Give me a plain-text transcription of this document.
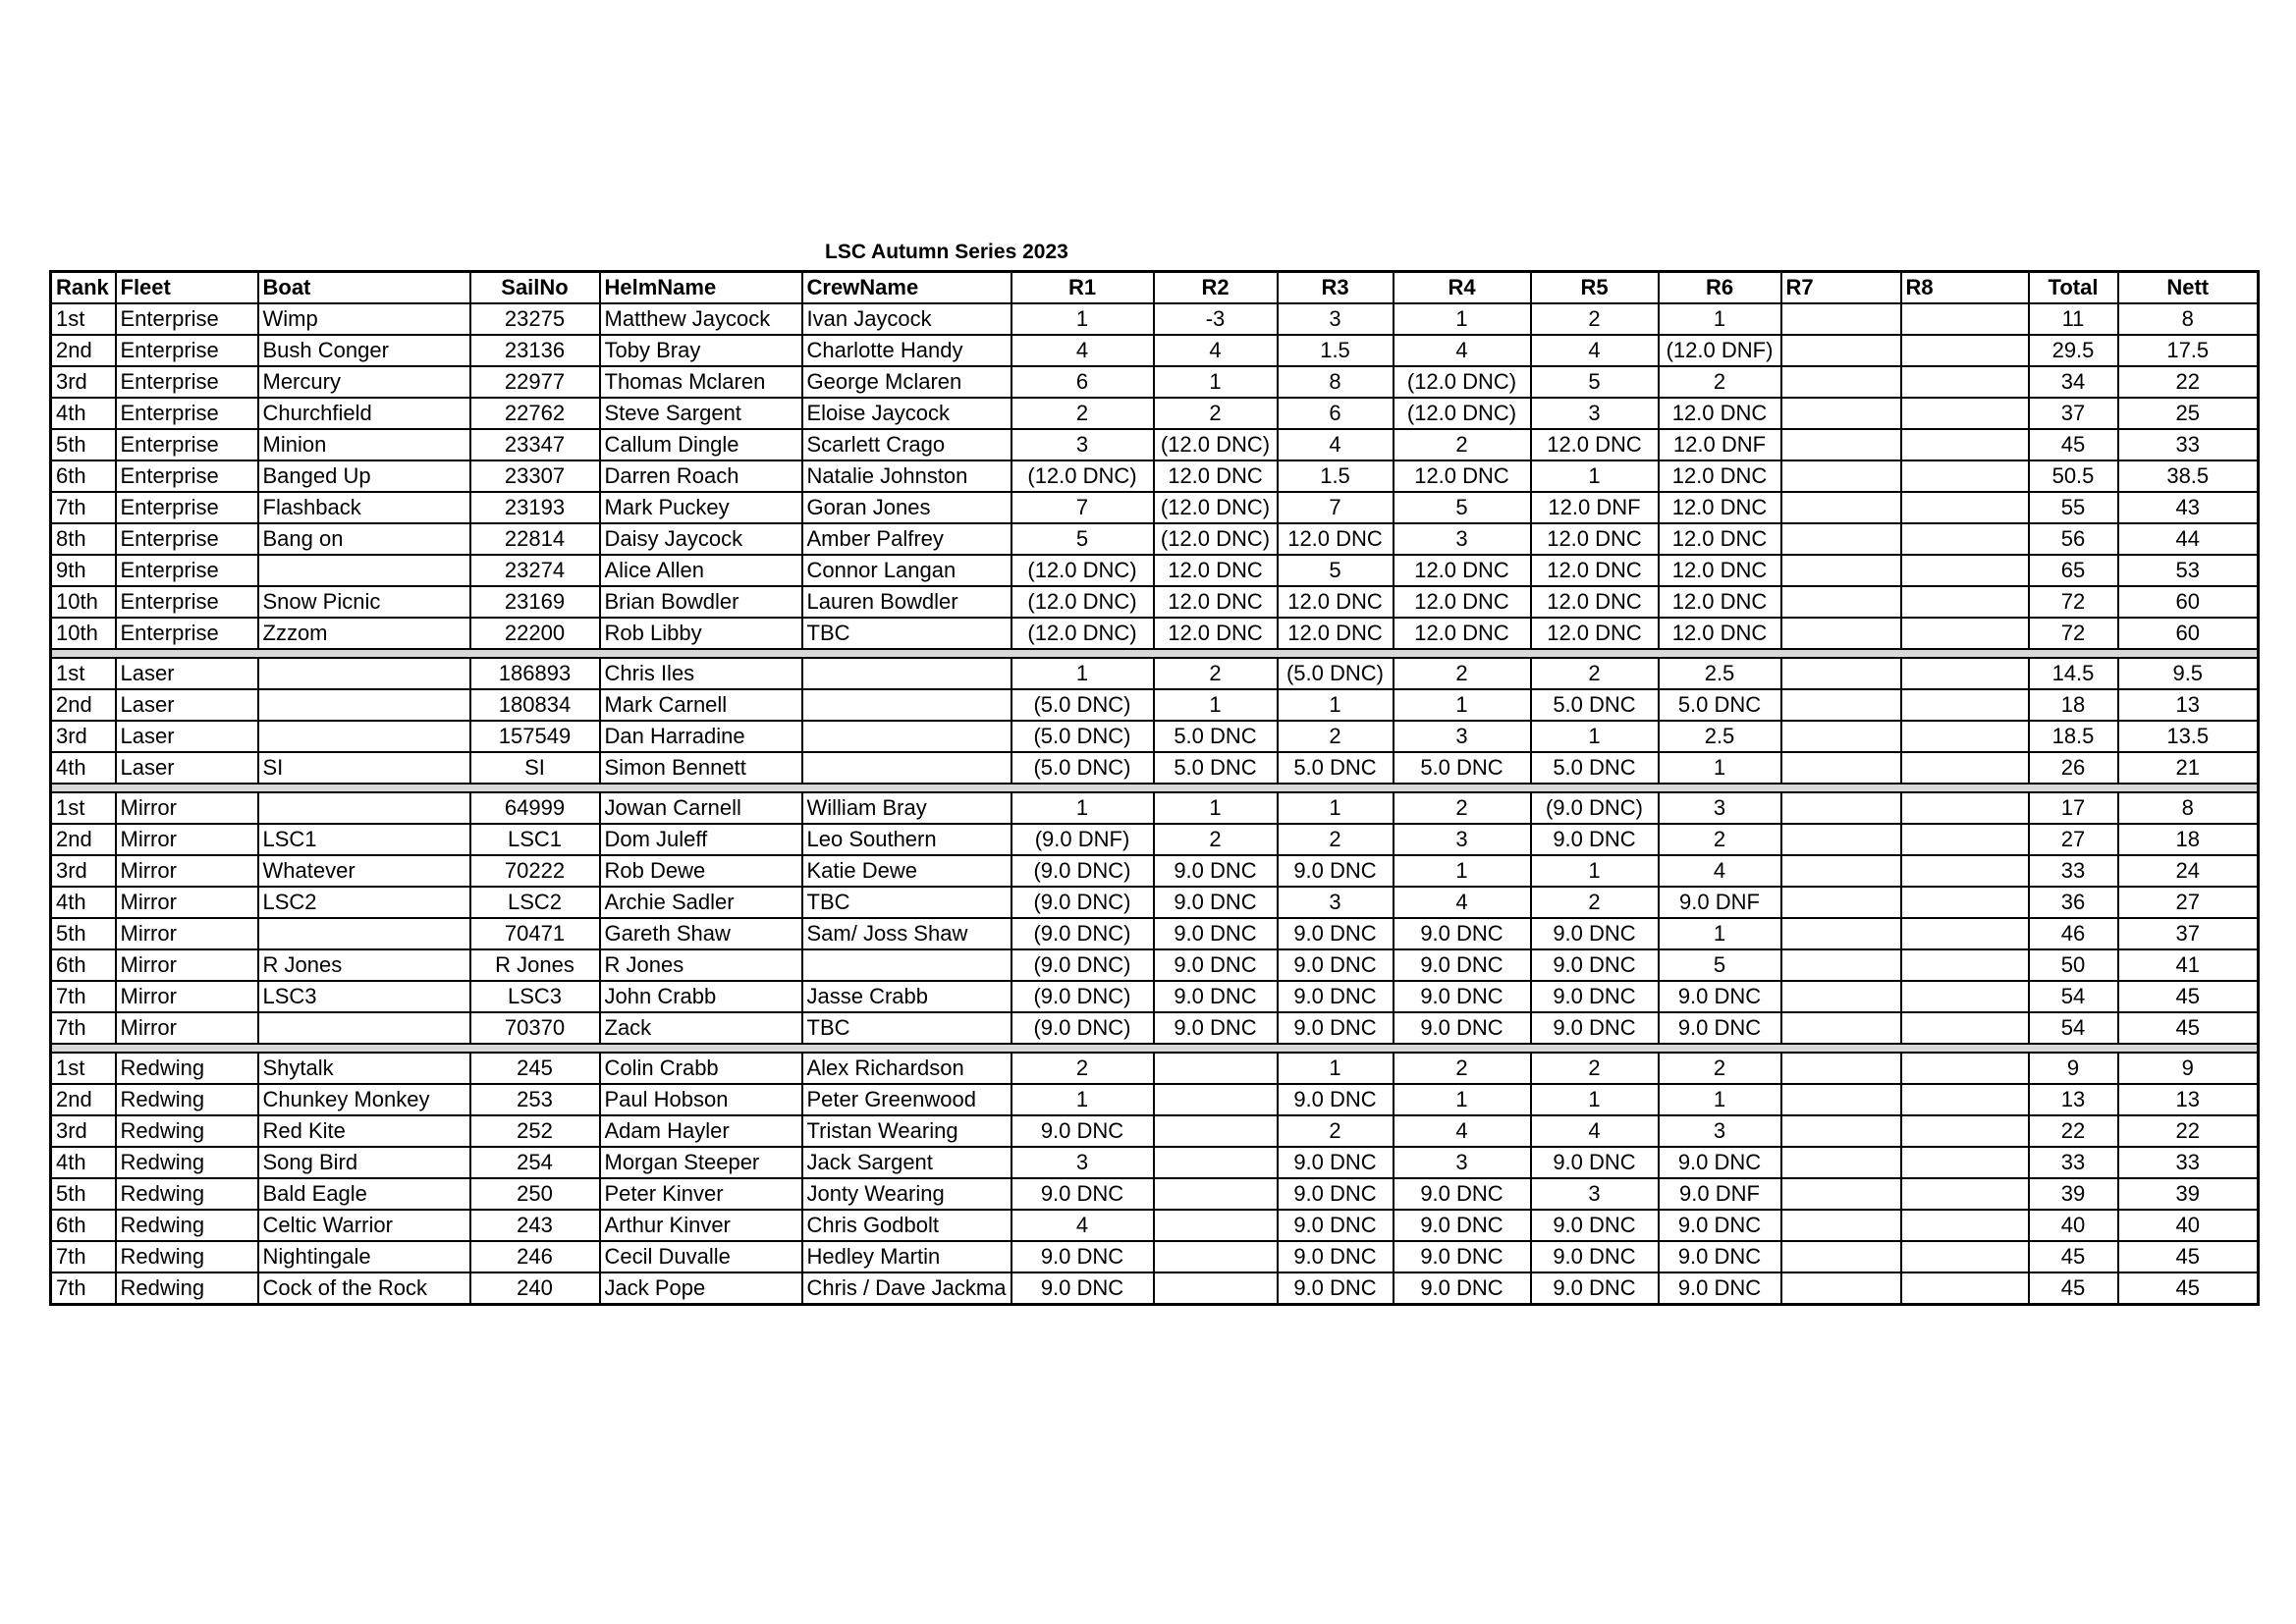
LSC Autumn Series 2023
Rank	Fleet	Boat	SailNo	HelmName	CrewName	R1	R2	R3	R4	R5	R6	R7	R8	Total	Nett
1st	Enterprise	Wimp	23275	Matthew Jaycock	Ivan Jaycock	1	-3	3	1	2	1			11	8
2nd	Enterprise	Bush Conger	23136	Toby Bray	Charlotte Handy	4	4	1.5	4	4	(12.0 DNF)			29.5	17.5
3rd	Enterprise	Mercury	22977	Thomas Mclaren	George Mclaren	6	1	8	(12.0 DNC)	5	2			34	22
4th	Enterprise	Churchfield	22762	Steve Sargent	Eloise Jaycock	2	2	6	(12.0 DNC)	3	12.0 DNC			37	25
5th	Enterprise	Minion	23347	Callum Dingle	Scarlett Crago	3	(12.0 DNC)	4	2	12.0 DNC	12.0 DNF			45	33
6th	Enterprise	Banged Up	23307	Darren Roach	Natalie Johnston	(12.0 DNC)	12.0 DNC	1.5	12.0 DNC	1	12.0 DNC			50.5	38.5
7th	Enterprise	Flashback	23193	Mark Puckey	Goran Jones	7	(12.0 DNC)	7	5	12.0 DNF	12.0 DNC			55	43
8th	Enterprise	Bang on	22814	Daisy Jaycock	Amber Palfrey	5	(12.0 DNC)	12.0 DNC	3	12.0 DNC	12.0 DNC			56	44
9th	Enterprise		23274	Alice Allen	Connor Langan	(12.0 DNC)	12.0 DNC	5	12.0 DNC	12.0 DNC	12.0 DNC			65	53
10th	Enterprise	Snow Picnic	23169	Brian Bowdler	Lauren Bowdler	(12.0 DNC)	12.0 DNC	12.0 DNC	12.0 DNC	12.0 DNC	12.0 DNC			72	60
10th	Enterprise	Zzzom	22200	Rob Libby	TBC	(12.0 DNC)	12.0 DNC	12.0 DNC	12.0 DNC	12.0 DNC	12.0 DNC			72	60

1st	Laser		186893	Chris Iles		1	2	(5.0 DNC)	2	2	2.5			14.5	9.5
2nd	Laser		180834	Mark Carnell		(5.0 DNC)	1	1	1	5.0 DNC	5.0 DNC			18	13
3rd	Laser		157549	Dan Harradine		(5.0 DNC)	5.0 DNC	2	3	1	2.5			18.5	13.5
4th	Laser	SI	SI	Simon Bennett		(5.0 DNC)	5.0 DNC	5.0 DNC	5.0 DNC	5.0 DNC	1			26	21

1st	Mirror		64999	Jowan Carnell	William Bray	1	1	1	2	(9.0 DNC)	3			17	8
2nd	Mirror	LSC1	LSC1	Dom Juleff	Leo Southern	(9.0 DNF)	2	2	3	9.0 DNC	2			27	18
3rd	Mirror	Whatever	70222	Rob Dewe	Katie Dewe	(9.0 DNC)	9.0 DNC	9.0 DNC	1	1	4			33	24
4th	Mirror	LSC2	LSC2	Archie Sadler	TBC	(9.0 DNC)	9.0 DNC	3	4	2	9.0 DNF			36	27
5th	Mirror		70471	Gareth Shaw	Sam/ Joss Shaw	(9.0 DNC)	9.0 DNC	9.0 DNC	9.0 DNC	9.0 DNC	1			46	37
6th	Mirror	R Jones	R Jones	R Jones		(9.0 DNC)	9.0 DNC	9.0 DNC	9.0 DNC	9.0 DNC	5			50	41
7th	Mirror	LSC3	LSC3	John Crabb	Jasse Crabb	(9.0 DNC)	9.0 DNC	9.0 DNC	9.0 DNC	9.0 DNC	9.0 DNC			54	45
7th	Mirror		70370	Zack	TBC	(9.0 DNC)	9.0 DNC	9.0 DNC	9.0 DNC	9.0 DNC	9.0 DNC			54	45

1st	Redwing	Shytalk	245	Colin Crabb	Alex Richardson	2		1	2	2	2			9	9
2nd	Redwing	Chunkey Monkey	253	Paul Hobson	Peter Greenwood	1		9.0 DNC	1	1	1			13	13
3rd	Redwing	Red Kite	252	Adam Hayler	Tristan Wearing	9.0 DNC		2	4	4	3			22	22
4th	Redwing	Song Bird	254	Morgan Steeper	Jack Sargent	3		9.0 DNC	3	9.0 DNC	9.0 DNC			33	33
5th	Redwing	Bald Eagle	250	Peter Kinver	Jonty Wearing	9.0 DNC		9.0 DNC	9.0 DNC	3	9.0 DNF			39	39
6th	Redwing	Celtic Warrior	243	Arthur Kinver	Chris Godbolt	4		9.0 DNC	9.0 DNC	9.0 DNC	9.0 DNC			40	40
7th	Redwing	Nightingale	246	Cecil Duvalle	Hedley Martin	9.0 DNC		9.0 DNC	9.0 DNC	9.0 DNC	9.0 DNC			45	45
7th	Redwing	Cock of the Rock	240	Jack Pope	Chris / Dave Jackma	9.0 DNC		9.0 DNC	9.0 DNC	9.0 DNC	9.0 DNC			45	45
